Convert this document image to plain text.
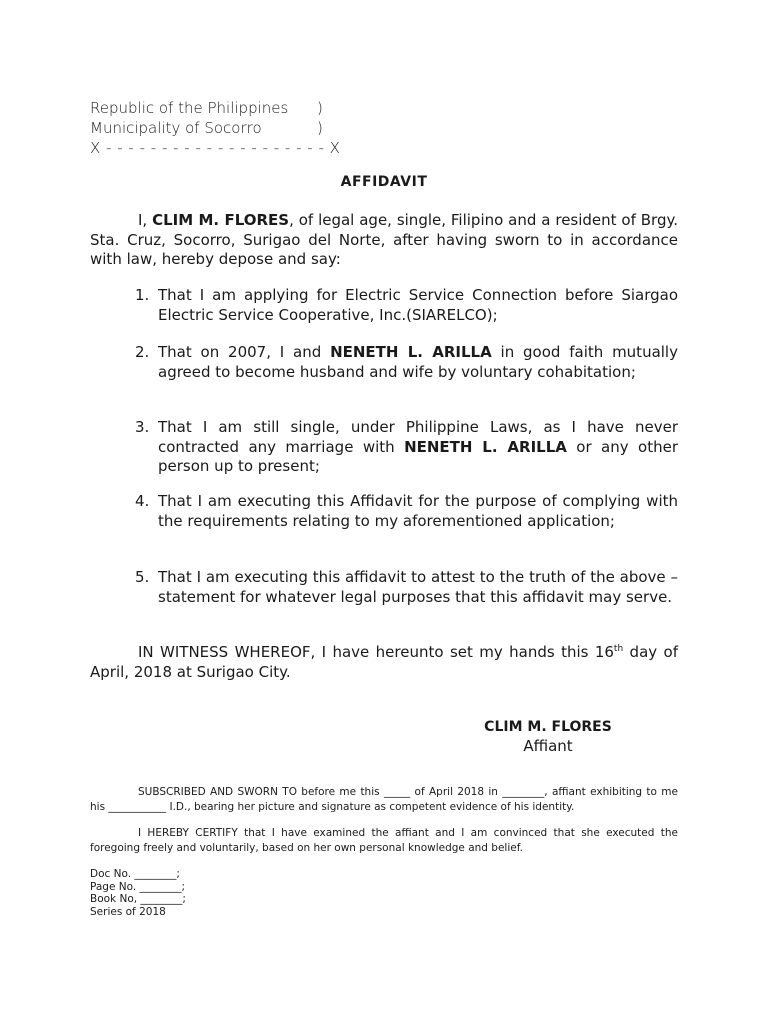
Republic of the Philippines	)
Municipality of Socorro	)
X - - - - - - - - - - - - - - - - - - - - X
AFFIDAVIT
I, CLIM M. FLORES, of legal age, single, Filipino and a resident of Brgy. Sta. Cruz, Socorro, Surigao del Norte, after having sworn to in accordance with law, hereby depose and say:
1. That I am applying for Electric Service Connection before Siargao Electric Service Cooperative, Inc.(SIARELCO);
2. That on 2007, I and NENETH L. ARILLA in good faith mutually agreed to become husband and wife by voluntary cohabitation;
3. That I am still single, under Philippine Laws, as I have never contracted any marriage with NENETH L. ARILLA or any other person up to present;
4. That I am executing this Affidavit for the purpose of complying with the requirements relating to my aforementioned application;
5. That I am executing this affidavit to attest to the truth of the above –statement for whatever legal purposes that this affidavit may serve.
IN WITNESS WHEREOF, I have hereunto set my hands this 16th day of April, 2018 at Surigao City.
CLIM M. FLORES
Affiant
SUBSCRIBED AND SWORN TO before me this _____ of April 2018 in ________, affiant exhibiting to me his ___________ I.D., bearing her picture and signature as competent evidence of his identity.
I HEREBY CERTIFY that I have examined the affiant and I am convinced that she executed the foregoing freely and voluntarily, based on her own personal knowledge and belief.
Doc No. ________;
Page No. ________;
Book No, ________;
Series of 2018
